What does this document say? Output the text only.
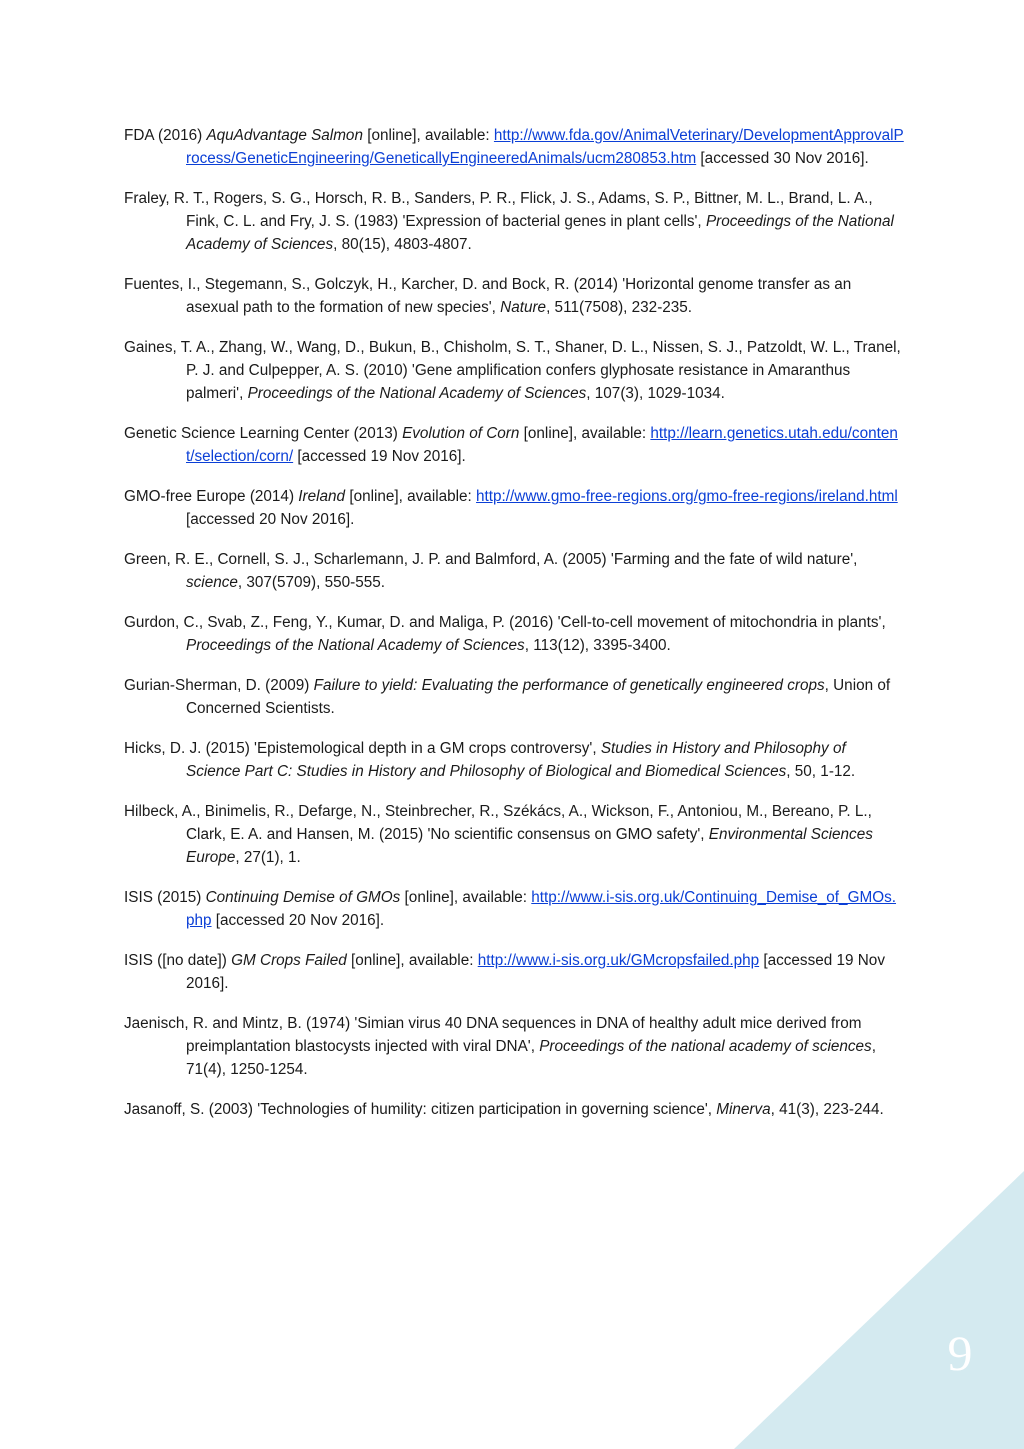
FDA (2016) AquAdvantage Salmon [online], available: http://www.fda.gov/AnimalVeterinary/DevelopmentApprovalProcess/GeneticEngineering/GeneticallyEngineeredAnimals/ucm280853.htm [accessed 30 Nov 2016].

Fraley, R. T., Rogers, S. G., Horsch, R. B., Sanders, P. R., Flick, J. S., Adams, S. P., Bittner, M. L., Brand, L. A., Fink, C. L. and Fry, J. S. (1983) 'Expression of bacterial genes in plant cells', Proceedings of the National Academy of Sciences, 80(15), 4803-4807.

Fuentes, I., Stegemann, S., Golczyk, H., Karcher, D. and Bock, R. (2014) 'Horizontal genome transfer as an asexual path to the formation of new species', Nature, 511(7508), 232-235.

Gaines, T. A., Zhang, W., Wang, D., Bukun, B., Chisholm, S. T., Shaner, D. L., Nissen, S. J., Patzoldt, W. L., Tranel, P. J. and Culpepper, A. S. (2010) 'Gene amplification confers glyphosate resistance in Amaranthus palmeri', Proceedings of the National Academy of Sciences, 107(3), 1029-1034.

Genetic Science Learning Center (2013) Evolution of Corn [online], available: http://learn.genetics.utah.edu/content/selection/corn/ [accessed 19 Nov 2016].

GMO-free Europe (2014) Ireland [online], available: http://www.gmo-free-regions.org/gmo-free-regions/ireland.html [accessed 20 Nov 2016].

Green, R. E., Cornell, S. J., Scharlemann, J. P. and Balmford, A. (2005) 'Farming and the fate of wild nature', science, 307(5709), 550-555.

Gurdon, C., Svab, Z., Feng, Y., Kumar, D. and Maliga, P. (2016) 'Cell-to-cell movement of mitochondria in plants', Proceedings of the National Academy of Sciences, 113(12), 3395-3400.

Gurian-Sherman, D. (2009) Failure to yield: Evaluating the performance of genetically engineered crops, Union of Concerned Scientists.

Hicks, D. J. (2015) 'Epistemological depth in a GM crops controversy', Studies in History and Philosophy of Science Part C: Studies in History and Philosophy of Biological and Biomedical Sciences, 50, 1-12.

Hilbeck, A., Binimelis, R., Defarge, N., Steinbrecher, R., Székács, A., Wickson, F., Antoniou, M., Bereano, P. L., Clark, E. A. and Hansen, M. (2015) 'No scientific consensus on GMO safety', Environmental Sciences Europe, 27(1), 1.

ISIS (2015) Continuing Demise of GMOs [online], available: http://www.i-sis.org.uk/Continuing_Demise_of_GMOs.php [accessed 20 Nov 2016].

ISIS ([no date]) GM Crops Failed [online], available: http://www.i-sis.org.uk/GMcropsfailed.php [accessed 19 Nov 2016].

Jaenisch, R. and Mintz, B. (1974) 'Simian virus 40 DNA sequences in DNA of healthy adult mice derived from preimplantation blastocysts injected with viral DNA', Proceedings of the national academy of sciences, 71(4), 1250-1254.

Jasanoff, S. (2003) 'Technologies of humility: citizen participation in governing science', Minerva, 41(3), 223-244.

9
